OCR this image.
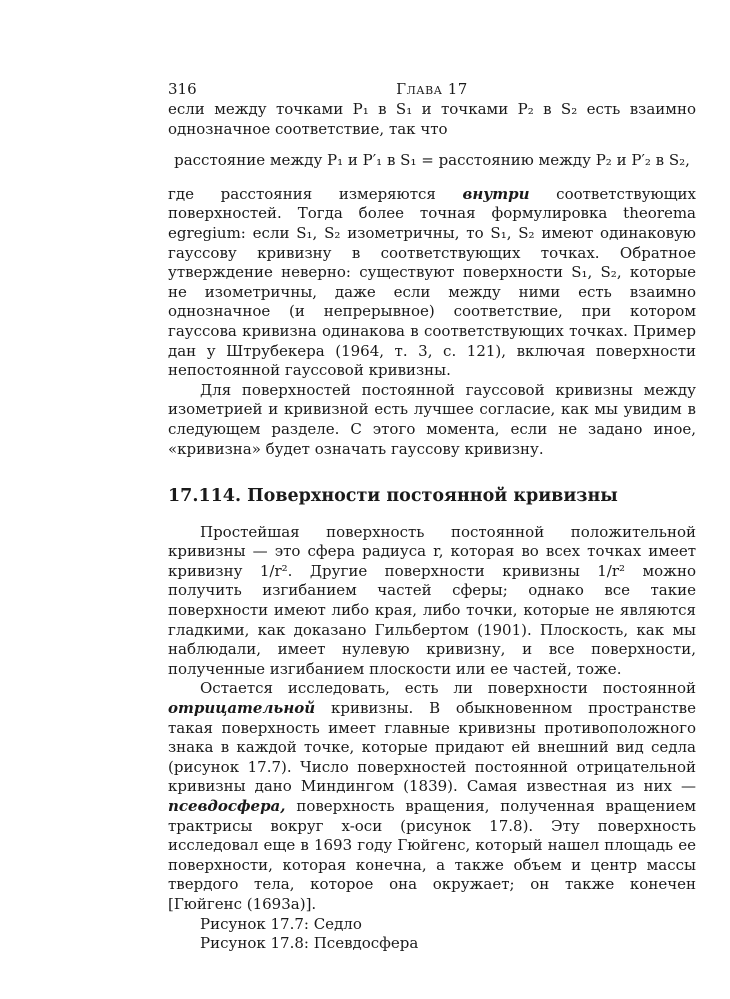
316	Глава 17

если между точками P₁ в S₁ и точками P₂ в S₂ есть взаимно однозначное соответствие, так что

расстояние между P₁ и P′₁ в S₁ = расстоянию между P₂ и P′₂ в S₂,

где расстояния измеряются внутри соответствующих поверхностей. Тогда более точная формулировка theorema egregium: если S₁, S₂ изометричны, то S₁, S₂ имеют одинаковую гауссову кривизну в соответствующих точках. Обратное утверждение неверно: существуют поверхности S₁, S₂, которые не изометричны, даже если между ними есть взаимно однозначное (и непрерывное) соответствие, при котором гауссова кривизна одинакова в соответствующих точках. Пример дан у Штрубекера (1964, т. 3, с. 121), включая поверхности непостоянной гауссовой кривизны.

Для поверхностей постоянной гауссовой кривизны между изометрией и кривизной есть лучшее согласие, как мы увидим в следующем разделе. С этого момента, если не задано иное, «кривизна» будет означать гауссову кривизну.

17.114. Поверхности постоянной кривизны

Простейшая поверхность постоянной положительной кривизны — это сфера радиуса r, которая во всех точках имеет кривизну 1/r². Другие поверхности кривизны 1/r² можно получить изгибанием частей сферы; однако все такие поверхности имеют либо края, либо точки, которые не являются гладкими, как доказано Гильбертом (1901). Плоскость, как мы наблюдали, имеет нулевую кривизну, и все поверхности, полученные изгибанием плоскости или ее частей, тоже.

Остается исследовать, есть ли поверхности постоянной отрицательной кривизны. В обыкновенном пространстве такая поверхность имеет главные кривизны противоположного знака в каждой точке, которые придают ей внешний вид седла (рисунок 17.7). Число поверхностей постоянной отрицательной кривизны дано Миндингом (1839). Самая известная из них — псевдосфера, поверхность вращения, полученная вращением трактрисы вокруг x-оси (рисунок 17.8). Эту поверхность исследовал еще в 1693 году Гюйгенс, который нашел площадь ее поверхности, которая конечна, а также объем и центр массы твердого тела, которое она окружает; он также конечен [Гюйгенс (1693a)].

Рисунок 17.7: Седло

Рисунок 17.8: Псевдосфера
